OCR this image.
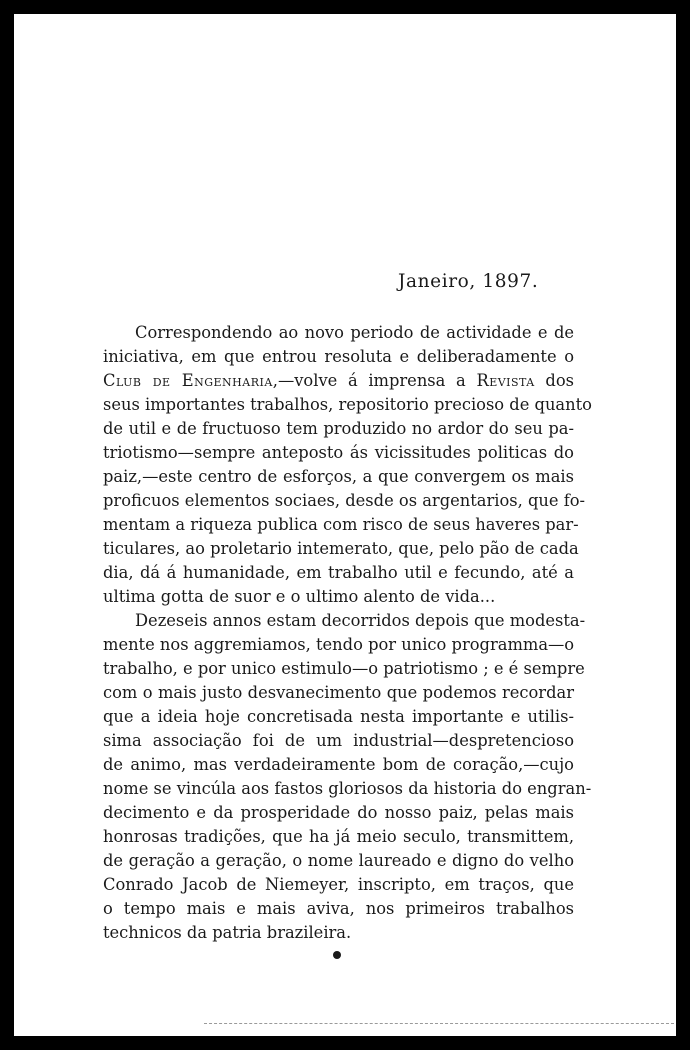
Janeiro, 1897.

Correspondendo ao novo periodo de actividade e de

iniciativa, em que entrou resoluta e deliberadamente o

Club de Engenharia,—volve á imprensa a Revista dos

seus importantes trabalhos, repositorio precioso de quanto

de util e de fructuoso tem produzido no ardor do seu pa-

triotismo—sempre anteposto ás vicissitudes politicas do

paiz,—este centro de esforços, a que convergem os mais

proficuos elementos sociaes, desde os argentarios, que fo-

mentam a riqueza publica com risco de seus haveres par-

ticulares, ao proletario intemerato, que, pelo pão de cada

dia, dá á humanidade, em trabalho util e fecundo, até a

ultima gotta de suor e o ultimo alento de vida...

Dezeseis annos estam decorridos depois que modesta-

mente nos aggremiamos, tendo por unico programma—o

trabalho, e por unico estimulo—o patriotismo ; e é sempre

com o mais justo desvanecimento que podemos recordar

que a ideia hoje concretisada nesta importante e utilis-

sima associação foi de um industrial—despretencioso

de animo, mas verdadeiramente bom de coração,—cujo

nome se vincúla aos fastos gloriosos da historia do engran-

decimento e da prosperidade do nosso paiz, pelas mais

honrosas tradições, que ha já meio seculo, transmittem,

de geração a geração, o nome laureado e digno do velho

Conrado Jacob de Niemeyer, inscripto, em traços, que

o tempo mais e mais aviva, nos primeiros trabalhos

technicos da patria brazileira.
